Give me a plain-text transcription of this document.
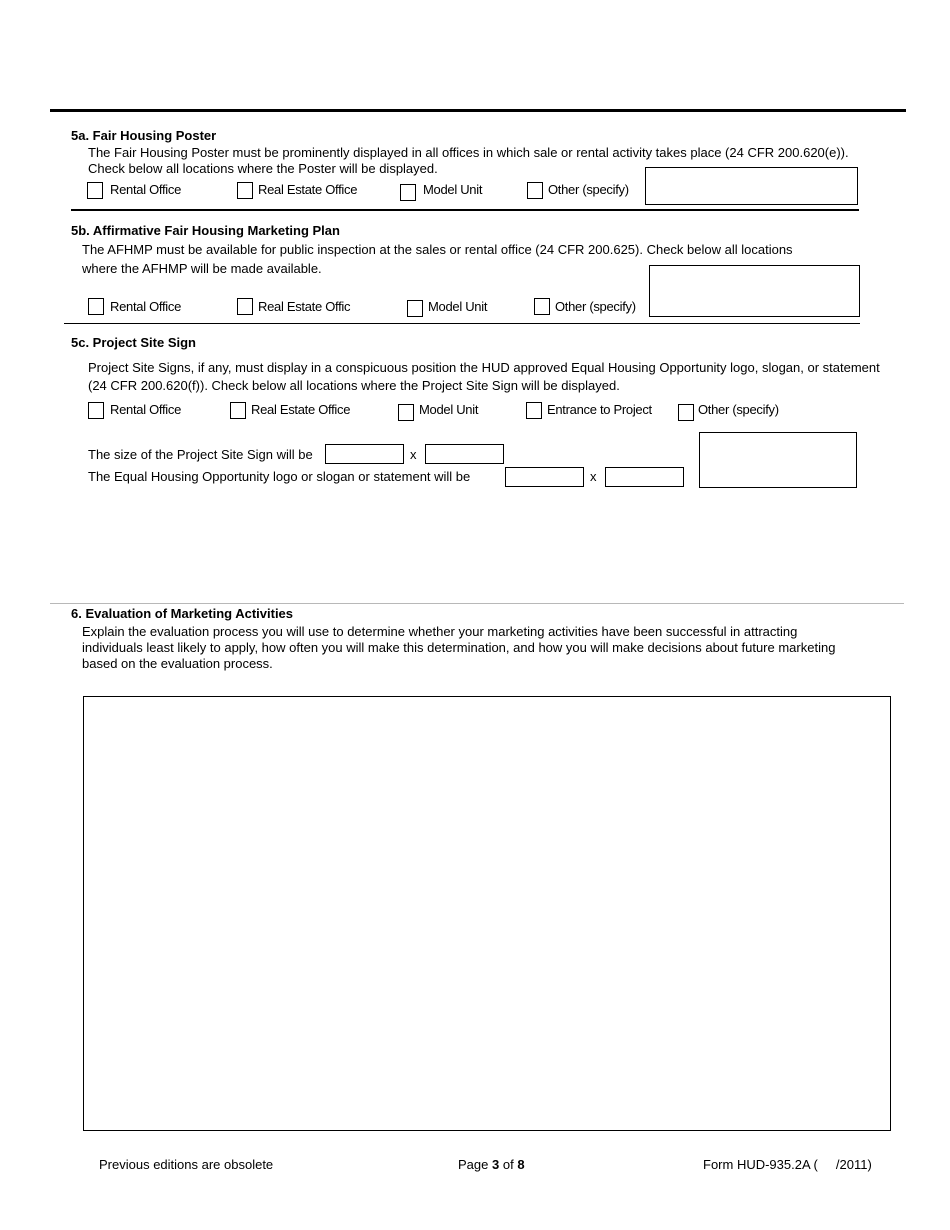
5a. Fair Housing Poster
The Fair Housing Poster must be prominently displayed in all offices in which sale or rental activity takes place (24 CFR 200.620(e)).
Check below all locations where the Poster will be displayed.
Rental Office	Real Estate Office	Model Unit	Other (specify)
5b. Affirmative Fair Housing Marketing Plan
The AFHMP must be available for public inspection at the sales or rental office (24 CFR 200.625). Check below all locations
where the AFHMP will be made available.
Rental Office	Real Estate Offic	Model Unit	Other (specify)
5c. Project Site Sign
Project Site Signs, if any, must display in a conspicuous position the HUD approved Equal Housing Opportunity logo, slogan, or statement
(24 CFR 200.620(f)). Check below all locations where the Project Site Sign will be displayed.
Rental Office	Real Estate Office	Model Unit	Entrance to Project	Other (specify)
The size of the Project Site Sign will be	x
The Equal Housing Opportunity logo or slogan or statement will be	x
6. Evaluation of Marketing Activities
Explain the evaluation process you will use to determine whether your marketing activities have been successful in attracting
individuals least likely to apply, how often you will make this determination, and how you will make decisions about future marketing
based on the evaluation process.
Previous editions are obsolete	Page 3 of 8	Form HUD-935.2A (     /2011)
